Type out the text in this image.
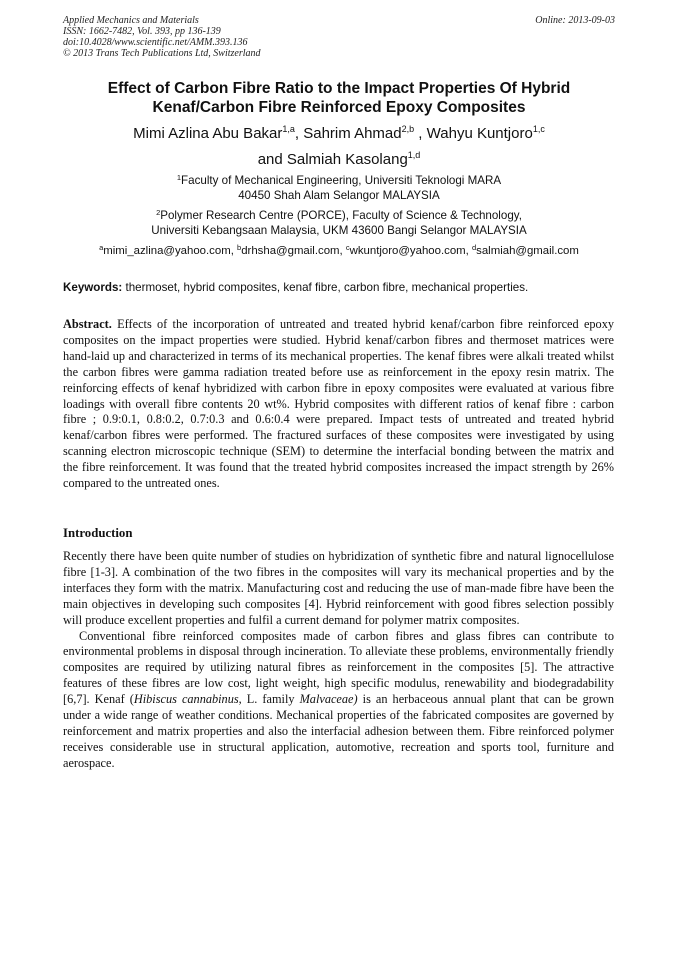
Applied Mechanics and Materials
ISSN: 1662-7482, Vol. 393, pp 136-139
doi:10.4028/www.scientific.net/AMM.393.136
© 2013 Trans Tech Publications Ltd, Switzerland
Online: 2013-09-03
Effect of Carbon Fibre Ratio to the Impact Properties Of Hybrid
Kenaf/Carbon Fibre Reinforced Epoxy Composites
Mimi Azlina Abu Bakar$^{1,a}$, Sahrim Ahmad$^{2,b}$ , Wahyu Kuntjoro$^{1,c}$
and Salmiah Kasolang$^{1,d}$
$^1$Faculty of Mechanical Engineering, Universiti Teknologi MARA
40450 Shah Alam Selangor MALAYSIA
$^2$Polymer Research Centre (PORCE), Faculty of Science & Technology,
Universiti Kebangsaan Malaysia, UKM 43600 Bangi Selangor MALAYSIA
$^a$mimi_azlina@yahoo.com, $^b$drhsha@gmail.com, $^c$wkuntjoro@yahoo.com, $^d$salmiah@gmail.com
Keywords: thermoset, hybrid composites, kenaf fibre, carbon fibre, mechanical properties.
Abstract. Effects of the incorporation of untreated and treated hybrid kenaf/carbon fibre reinforced epoxy composites on the impact properties were studied. Hybrid kenaf/carbon fibres and thermoset matrices were hand-laid up and characterized in terms of its mechanical properties. The kenaf fibres were alkali treated whilst the carbon fibres were gamma radiation treated before use as reinforcement in the epoxy resin matrix. The reinforcing effects of kenaf hybridized with carbon fibre in epoxy composites were evaluated at various fibre loadings with overall fibre contents 20 wt%. Hybrid composites with different ratios of kenaf fibre : carbon fibre ; 0.9:0.1, 0.8:0.2, 0.7:0.3 and 0.6:0.4 were prepared. Impact tests of untreated and treated hybrid kenaf/carbon fibres were performed. The fractured surfaces of these composites were investigated by using scanning electron microscopic technique (SEM) to determine the interfacial bonding between the matrix and the fibre reinforcement. It was found that the treated hybrid composites increased the impact strength by 26% compared to the untreated ones.
Introduction

Recently there have been quite number of studies on hybridization of synthetic fibre and natural lignocellulose fibre [1-3]. A combination of the two fibres in the composites will vary its mechanical properties and by the interfaces they form with the matrix. Manufacturing cost and reducing the use of man-made fibre have been the main objectives in developing such composites [4]. Hybrid reinforcement with good fibres selection possibly will produce excellent properties and fulfil a current demand for polymer matrix composites.

Conventional fibre reinforced composites made of carbon fibres and glass fibres can contribute to environmental problems in disposal through incineration. To alleviate these problems, environmentally friendly composites are required by utilizing natural fibres as reinforcement in the composites [5]. The attractive features of these fibres are low cost, light weight, high specific modulus, renewability and biodegradability [6,7]. Kenaf (Hibiscus cannabinus, L. family Malvaceae) is an herbaceous annual plant that can be grown under a wide range of weather conditions. Mechanical properties of the fabricated composites are governed by reinforcement and matrix properties and also the interfacial adhesion between them. Fibre reinforced polymer receives considerable use in structural application, automotive, recreation and sports tool, furniture and aerospace.
